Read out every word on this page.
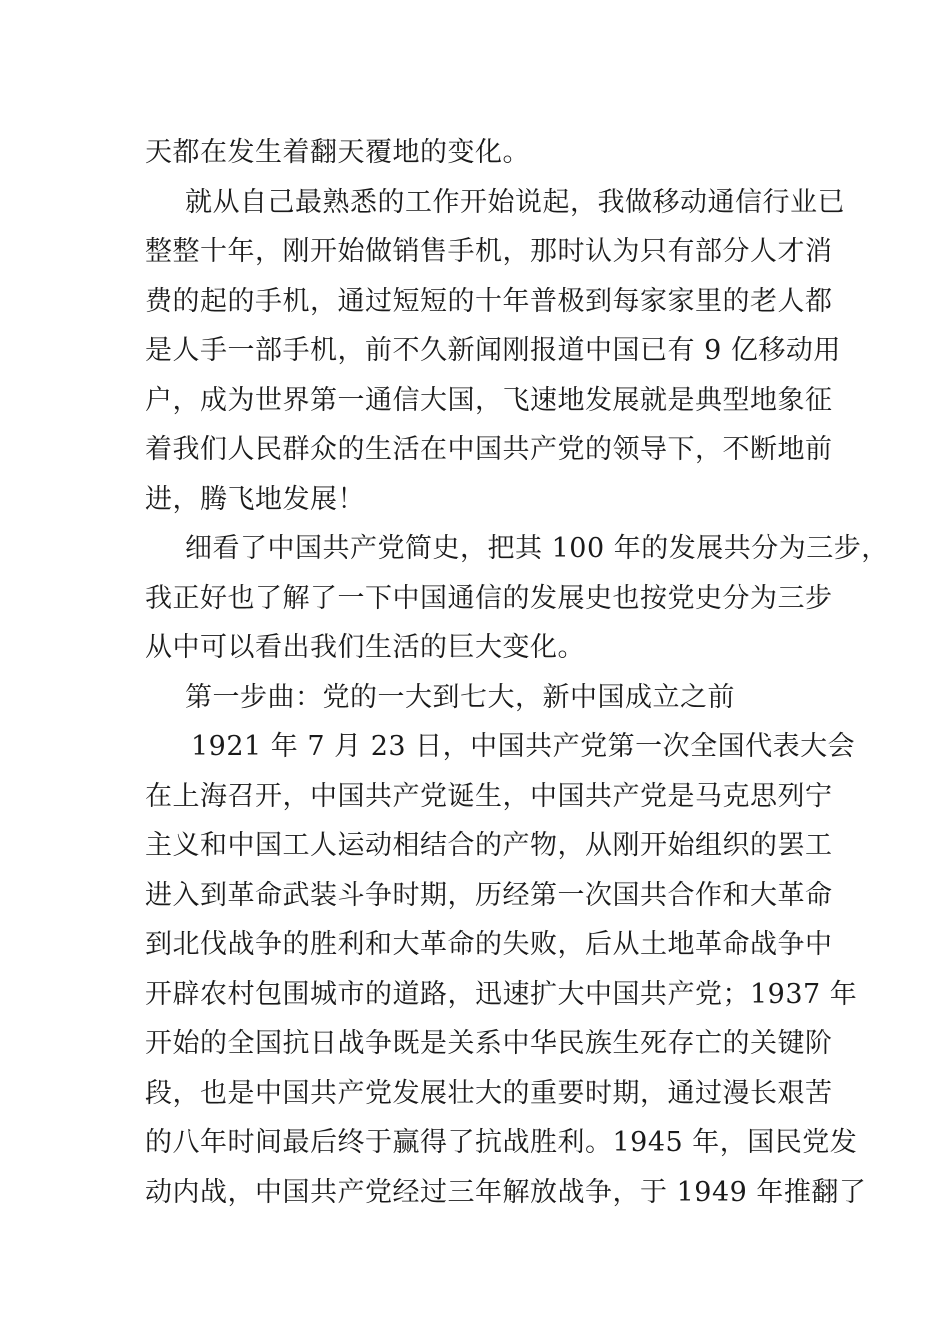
天都在发生着翻天覆地的变化。
就从自己最熟悉的工作开始说起，我做移动通信行业已
整整十年，刚开始做销售手机，那时认为只有部分人才消
费的起的手机，通过短短的十年普极到每家家里的老人都
是人手一部手机，前不久新闻刚报道中国已有 9 亿移动用
户，成为世界第一通信大国，飞速地发展就是典型地象征
着我们人民群众的生活在中国共产党的领导下，不断地前
进，腾飞地发展！
细看了中国共产党简史，把其 100 年的发展共分为三步，
我正好也了解了一下中国通信的发展史也按党史分为三步
从中可以看出我们生活的巨大变化。
第一步曲：党的一大到七大，新中国成立之前
1921 年 7 月 23 日，中国共产党第一次全国代表大会
在上海召开，中国共产党诞生，中国共产党是马克思列宁
主义和中国工人运动相结合的产物，从刚开始组织的罢工
进入到革命武装斗争时期，历经第一次国共合作和大革命
到北伐战争的胜利和大革命的失败，后从土地革命战争中
开辟农村包围城市的道路，迅速扩大中国共产党；1937 年
开始的全国抗日战争既是关系中华民族生死存亡的关键阶
段，也是中国共产党发展壮大的重要时期，通过漫长艰苦
的八年时间最后终于赢得了抗战胜利。1945 年，国民党发
动内战，中国共产党经过三年解放战争，于 1949 年推翻了
